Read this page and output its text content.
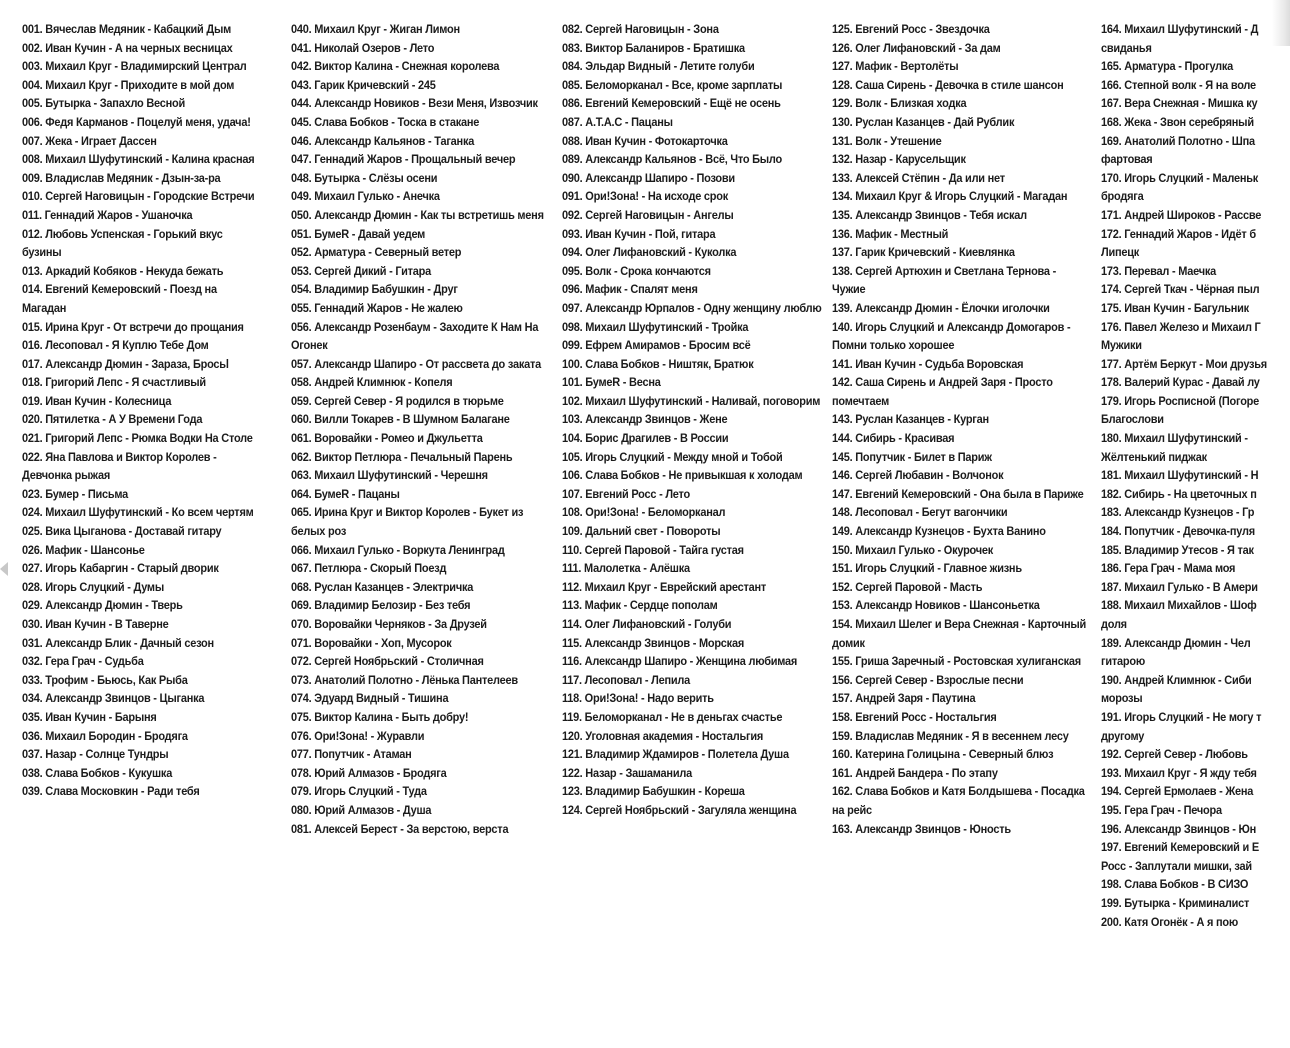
001. Вячеслав Медяник - Кабацкий Дым
002. Иван Кучин - А на черных весницах
003. Михаил Круг - Владимирский Централ
004. Михаил Круг - Приходите в мой дом
005. Бутырка - Запахло Весной
006. Федя Карманов - Поцелуй меня, удача!
007. Жека - Играет Дассен
008. Михаил Шуфутинский - Калина красная
009. Владислав Медяник - Дзын-за-ра
010. Сергей Наговицын - Городские Встречи
011. Геннадий Жаров - Ушаночка
012. Любовь Успенская - Горький вкус бузины
013. Аркадий Кобяков - Некуда бежать
014. Евгений Кемеровский - Поезд на Магадан
015. Ирина Круг - От встречи до прощания
016. Лесоповал - Я Куплю Тебе Дом
017. Александр Дюмин - Зараза, Бросьl
018. Григорий Лепс - Я счастливый
019. Иван Кучин - Колесница
020. Пятилетка - А У Времени Года
021. Григорий Лепс - Рюмка Водки На Столе
022. Яна Павлова и Виктор Королев - Девчонка рыжая
023. Бумер - Письма
024. Михаил Шуфутинский - Ко всем чертям
025. Вика Цыганова - Доставай гитару
026. Мафик - Шансонье
027. Игорь Кабаргин - Старый дворик
028. Игорь Слуцкий - Думы
029. Александр Дюмин - Тверь
030. Иван Кучин - В Таверне
031. Александр Блик - Дачный сезон
032. Гера Грач - Судьба
033. Трофим - Бьюсь, Как Рыба
034. Александр Звинцов - Цыганка
035. Иван Кучин - Барыня
036. Михаил Бородин - Бродяга
037. Назар - Солнце Тундры
038. Слава Бобков - Кукушка
039. Слава Московкин - Ради тебя
040. Михаил Круг - Жиган Лимон
041. Николай Озеров - Лето
042. Виктор Калина - Снежная королева
043. Гарик Кричевский - 245
044. Александр Новиков - Вези Меня, Извозчик
045. Слава Бобков - Тоска в стакане
046. Александр Кальянов - Таганка
047. Геннадий Жаров - Прощальный вечер
048. Бутырка - Слёзы осени
049. Михаил Гулько - Анечка
050. Александр Дюмин - Как ты встретишь меня
051. БумеR - Давай уедем
052. Арматура - Северный ветер
053. Сергей Дикий - Гитара
054. Владимир Бабушкин - Друг
055. Геннадий Жаров - Не жалею
056. Александр Розенбаум - Заходите К Нам На Огонек
057. Александр Шапиро - От рассвета до заката
058. Андрей Климнюк - Копеля
059. Сергей Север - Я родился в тюрьме
060. Вилли Токарев - В Шумном Балагане
061. Воровайки - Ромео и Джульетта
062. Виктор Петлюра - Печальный Парень
063. Михаил Шуфутинский - Черешня
064. БумеR - Пацаны
065. Ирина Круг и Виктор Королев - Букет из белых роз
066. Михаил Гулько - Воркута Ленинград
067. Петлюра - Скорый Поезд
068. Руслан Казанцев - Электричка
069. Владимир Белозир - Без тебя
070. Воровайки Черняков - За Друзей
071. Воровайки - Хоп, Мусорок
072. Сергей Ноябрьский - Столичная
073. Анатолий Полотно - Лёнька Пантелеев
074. Эдуард Видный - Тишина
075. Виктор Калина - Быть добру!
076. Ори!Зона! - Журавли
077. Попутчик - Атаман
078. Юрий Алмазов - Бродяга
079. Игорь Слуцкий - Туда
080. Юрий Алмазов - Душа
081. Алексей Берест - За верстою, верста
082. Сергей Наговицын - Зона
083. Виктор Баланиров - Братишка
084. Эльдар Видный - Летите голуби
085. Беломорканал - Все, кроме зарплаты
086. Евгений Кемеровский - Ещё не осень
087. А.Т.А.С - Пацаны
088. Иван Кучин - Фотокарточка
089. Александр Кальянов - Всё, Что Было
090. Александр Шапиро - Позови
091. Ори!Зона! - На исходе срок
092. Сергей Наговицын - Ангелы
093. Иван Кучин - Пой, гитара
094. Олег Лифановский - Куколка
095. Волк - Срока кончаются
096. Мафик - Спалят меня
097. Александр Юрпалов - Одну женщину люблю
098. Михаил Шуфутинский - Тройка
099. Ефрем Амирамов - Бросим всё
100. Слава Бобков - Ништяк, Братюк
101. БумеR - Весна
102. Михаил Шуфутинский - Наливай, поговорим
103. Александр Звинцов - Жене
104. Борис Драгилев - В России
105. Игорь Слуцкий - Между мной и Тобой
106. Слава Бобков - Не привыкшая к холодам
107. Евгений Росс - Лето
108. Ори!Зона! - Беломорканал
109. Дальний свет - Повороты
110. Сергей Паровой - Тайга густая
111. Малолетка - Алёшка
112. Михаил Круг - Еврейский арестант
113. Мафик - Сердце пополам
114. Олег Лифановский - Голуби
115. Александр Звинцов - Морская
116. Александр Шапиро - Женщина любимая
117. Лесоповал - Лепила
118. Ори!Зона! - Надо верить
119. Беломорканал - Не в деньгах счастье
120. Уголовная академия - Ностальгия
121. Владимир Ждамиров - Полетела Душа
122. Назар - Зашаманила
123. Владимир Бабушкин - Кореша
124. Сергей Ноябрьский - Загуляла женщина
125. Евгений Росс - Звездочка
126. Олег Лифановский - За дам
127. Мафик - Вертолёты
128. Саша Сирень - Девочка в стиле шансон
129. Волк - Близкая ходка
130. Руслан Казанцев - Дай Рублик
131. Волк - Утешение
132. Назар - Карусельщик
133. Алексей Стёпин - Да или нет
134. Михаил Круг & Игорь Слуцкий - Магадан
135. Александр Звинцов - Тебя искал
136. Мафик - Местный
137. Гарик Кричевский - Киевлянка
138. Сергей Артюхин и Светлана Тернова - Чужие
139. Александр Дюмин - Ёлочки иголочки
140. Игорь Слуцкий и Александр Домогаров - Помни только хорошее
141. Иван Кучин - Судьба Воровская
142. Саша Сирень и Андрей Заря - Просто помечтаем
143. Руслан Казанцев - Курган
144. Сибирь - Красивая
145. Попутчик - Билет в Париж
146. Сергей Любавин - Волчонок
147. Евгений Кемеровский - Она была в Париже
148. Лесоповал - Бегут вагончики
149. Александр Кузнецов - Бухта Ванино
150. Михаил Гулько - Окурочек
151. Игорь Слуцкий - Главное жизнь
152. Сергей Паровой - Масть
153. Александр Новиков - Шансоньетка
154. Михаил Шелег и Вера Снежная - Карточный домик
155. Гриша Заречный - Ростовская хулиганская
156. Сергей Север - Взрослые песни
157. Андрей Заря - Паутина
158. Евгений Росс - Ностальгия
159. Владислав Медяник - Я в весеннем лесу
160. Катерина Голицына - Северный блюз
161. Андрей Бандера - По этапу
162. Слава Бобков и Катя Болдышева - Посадка на рейс
163. Александр Звинцов - Юность
164. Михаил Шуфутинский - Д
свиданья
165. Арматура - Прогулка
166. Степной волк - Я на воле
167. Вера Снежная - Мишка ку
168. Жека - Звон серебряный
169. Анатолий Полотно - Шпа
фартовая
170. Игорь Слуцкий - Маленьк
бродяга
171. Андрей Широков - Рассве
172. Геннадий Жаров - Идёт б
Липецк
173. Перевал - Маечка
174. Сергей Ткач - Чёрная пыл
175. Иван Кучин - Багульник
176. Павел Железо и Михаил Г
Мужики
177. Артём Беркут - Мои друзья
178. Валерий Курас - Давай лу
179. Игорь Росписной (Погоре
Благослови
180. Михаил Шуфутинский -
Жёлтенький пиджак
181. Михаил Шуфутинский - Н
182. Сибирь - На цветочных п
183. Александр Кузнецов - Гр
184. Попутчик - Девочка-пуля
185. Владимир Утесов - Я так
186. Гера Грач - Мама моя
187. Михаил Гулько - В Амери
188. Михаил Михайлов - Шоф
доля
189. Александр Дюмин - Чел
гитарою
190. Андрей Климнюк - Сиби
морозы
191. Игорь Слуцкий - Не могу т
другому
192. Сергей Север - Любовь
193. Михаил Круг - Я жду тебя
194. Сергей Ермолаев - Жена
195. Гера Грач - Печора
196. Александр Звинцов - Юн
197. Евгений Кемеровский и Е
Росс - Заплутали мишки, зай
198. Слава Бобков - В СИЗО
199. Бутырка - Криминалист
200. Катя Огонёк - А я пою
